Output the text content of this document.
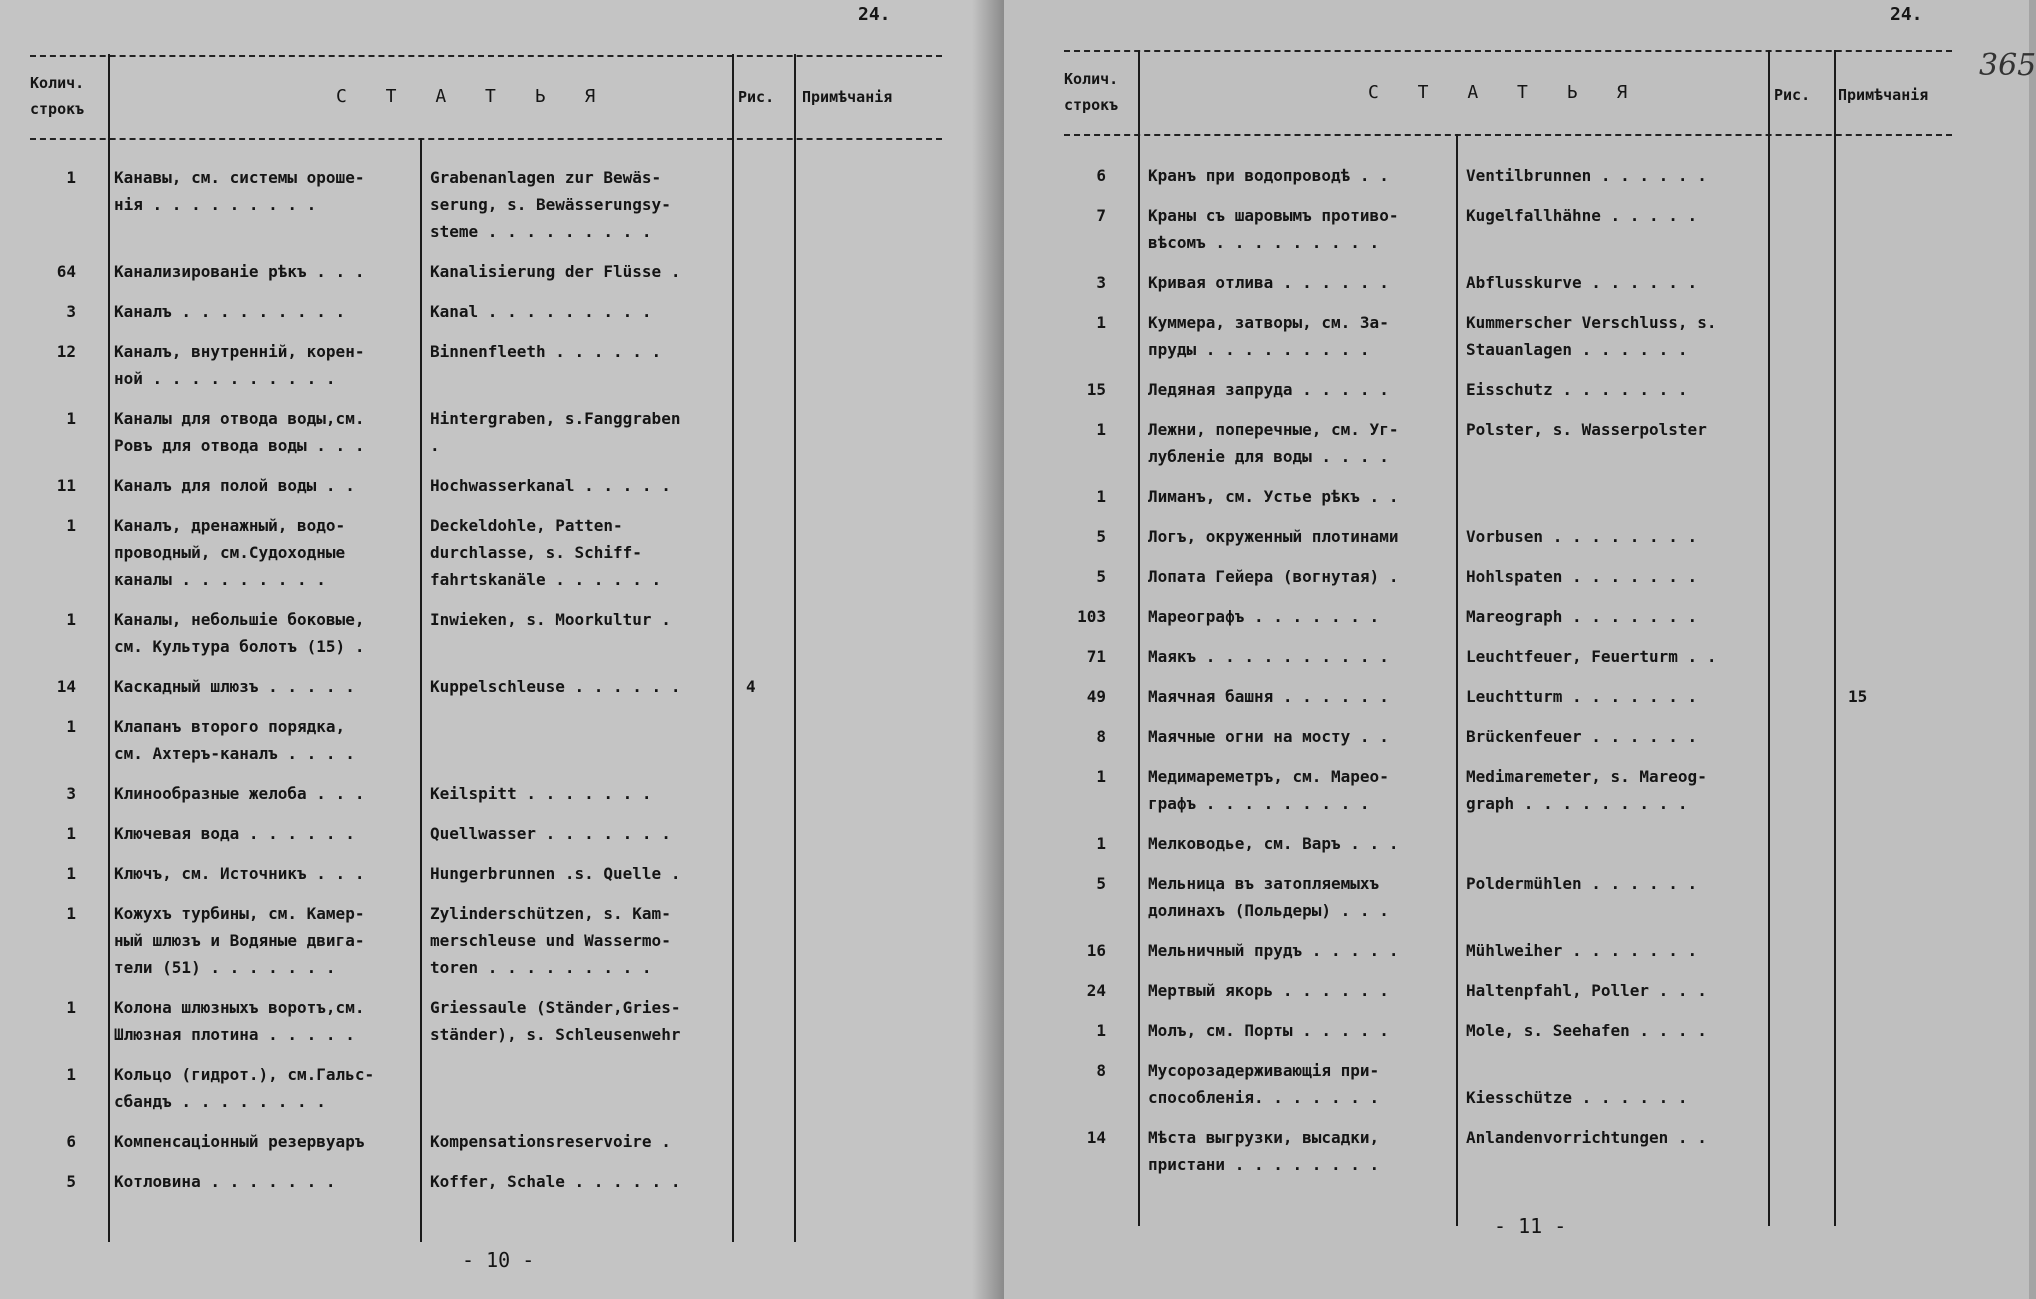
24.
Колич.
строкъ
С Т А Т Ь Я	Рис. Примѣчанія
1 Канавы, см. системы ороше-
нія . . . . . . . . .
Grabenanlagen zur Bewäs-
serung, s. Bewässerungsy-
steme . . . . . . . . .
64 Канализированіе рѣкъ . . .	Kanalisierung der Flüsse .
3 Каналъ . . . . . . . . .	Kanal . . . . . . . . .
12 Каналъ, внутренній, корен-
ной . . . . . . . . . .
Binnenfleeth . . . . . .
1 Каналы для отвода воды,см.
Ровъ для отвода воды . . .
Hintergraben, s.Fanggraben
.
11 Каналъ для полой воды . .	Hochwasserkanal . . . . .
1 Каналъ, дренажный, водо-
проводный, см.Судоходные
каналы . . . . . . . .
Deckeldohle, Patten-
durchlasse, s. Schiff-
fahrtskanäle . . . . . .
1 Каналы, небольшіе боковые,
см. Культура болотъ (15) .
Inwieken, s. Moorkultur .
14 Каскадный шлюзъ . . . . .	Kuppelschleuse . . . . . .	4
1 Клапанъ второго порядка,
см. Ахтеръ-каналъ . . . .
3 Клинообразные желоба . . .	Keilspitt . . . . . . .
1 Ключевая вода . . . . . .	Quellwasser . . . . . . .
1 Ключъ, см. Источникъ . . .	Hungerbrunnen .s. Quelle .
1 Кожухъ турбины, см. Камер-
ный шлюзъ и Водяные двига-
тели (51) . . . . . . .
Zylinderschützen, s. Kam-
merschleuse und Wassermo-
toren . . . . . . . . .
1 Колона шлюзныхъ воротъ,см.
Шлюзная плотина . . . . .
Griessaule (Ständer,Gries-
ständer), s. Schleusenwehr
1 Кольцо (гидрот.), см.Гальс-
сбандъ . . . . . . . .
6 Компенсаціонный резервуаръ	Kompensationsreservoire .
5 Котловина . . . . . . .	Koffer, Schale . . . . . .
- 10 -
24.
365
Колич.
строкъ
С Т А Т Ь Я	Рис. Примѣчанія
6	Кранъ при водопроводѣ . .	Ventilbrunnen . . . . . .
7	Краны съ шаровымъ противо-
вѣсомъ . . . . . . . . .
Kugelfallhähne . . . . .
3	Кривая отлива . . . . . .	Abflusskurve . . . . . .
1	Куммера, затворы, см. За-
пруды . . . . . . . . .
Kummerscher Verschluss, s.
Stauanlagen . . . . . .
15	Ледяная запруда . . . . .	Eisschutz . . . . . . .
1	Лежни, поперечные, см. Уг-
лубленіе для воды . . . .
Polster, s. Wasserpolster
1	Лиманъ, см. Устье рѣкъ . .
5	Логъ, окруженный плотинами	Vorbusen . . . . . . . .
5	Лопата Гейера (вогнутая) .	Hohlspaten . . . . . . .
103	Мареографъ . . . . . . .	Mareograph . . . . . . .
71	Маякъ . . . . . . . . . .	Leuchtfeuer, Feuerturm . .
49	Маячная башня . . . . . .	Leuchtturm . . . . . . .	15
8	Маячные огни на мосту . .	Brückenfeuer . . . . . .
1	Медимареметръ, см. Марео-
графъ . . . . . . . . .
Medimaremeter, s. Mareog-
graph . . . . . . . . .
1	Мелководье, см. Варъ . . .
5	Мельница въ затопляемыхъ
долинахъ (Польдеры) . . .
Poldermühlen . . . . . .
16	Мельничный прудъ . . . . .	Mühlweiher . . . . . . .
24	Мертвый якорь . . . . . .	Haltenpfahl, Poller . . .
1	Молъ, см. Порты . . . . .	Mole, s. Seehafen . . . .
8	Мусорозадерживающія при-
способленія. . . . . . .	
Kiesschütze . . . . . .
14	Мѣста выгрузки, высадки,
пристани . . . . . . . .
Anlandenvorrichtungen . .
- 11 -
